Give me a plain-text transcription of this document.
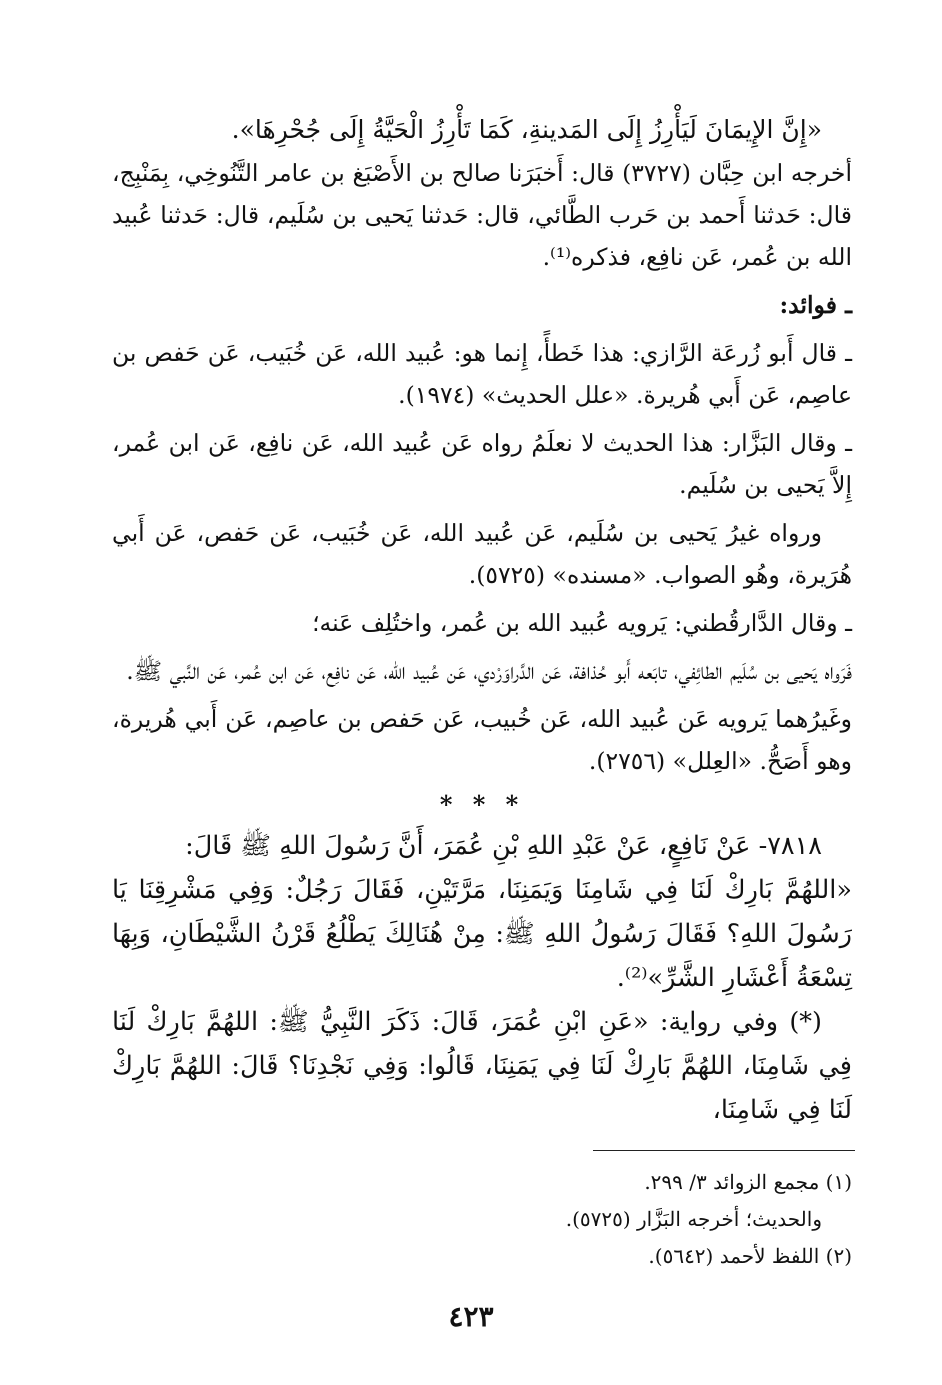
«إِنَّ الإِيمَانَ لَيَأْرِزُ إِلَى المَدينةِ، كَمَا تَأْرِزُ الْحَيَّةُ إِلَى جُحْرِهَا».

أخرجه ابن حِبَّان (٣٧٢٧) قال: أَخبَرَنا صالح بن الأَصْبَغ بن عامر التَّنُوخِي، بِمَنْبِج، قال: حَدثنا أَحمد بن حَرب الطَّائي، قال: حَدثنا يَحيى بن سُلَيم، قال: حَدثنا عُبيد الله بن عُمر، عَن نافِع، فذكره⁽¹⁾.

ـ فوائد:

ـ قال أَبو زُرعَة الرَّازي: هذا خَطأً، إِنما هو: عُبيد الله، عَن خُبَيب، عَن حَفص بن عاصِم، عَن أَبي هُريرة. «علل الحديث» (١٩٧٤).

ـ وقال البَزَّار: هذا الحديث لا نعلَمُ رواه عَن عُبيد الله، عَن نافِع، عَن ابن عُمر، إِلاَّ يَحيى بن سُلَيم.

ورواه غيرُ يَحيى بن سُلَيم، عَن عُبيد الله، عَن خُبَيب، عَن حَفص، عَن أَبي هُرَيرة، وهُو الصواب. «مسنده» (٥٧٢٥).

ـ وقال الدَّارقُطني: يَرويه عُبيد الله بن عُمر، واختُلِف عَنه؛

فَرَواه يَحيى بن سُلَيم الطائِفي، تابَعه أَبو حُذافة، عَن الدَّراوَرْدي، عَن عُبيد الله، عَن نافِع، عَن ابن عُمر، عَن النَّبي ﷺ.

وغَيرُهما يَرويه عَن عُبيد الله، عَن خُبيب، عَن حَفص بن عاصِم، عَن أَبي هُريرة، وهو أَصَحُّ. «العِلل» (٢٧٥٦).

* * *

٧٨١٨- عَنْ نَافِعٍ، عَنْ عَبْدِ اللهِ بْنِ عُمَرَ، أَنَّ رَسُولَ اللهِ ﷺ قَالَ:

«اللهُمَّ بَارِكْ لَنَا فِي شَامِنَا وَيَمَنِنَا، مَرَّتَيْنِ، فَقَالَ رَجُلٌ: وَفِي مَشْرِقِنَا يَا رَسُولَ اللهِ؟ فَقَالَ رَسُولُ اللهِ ﷺ: مِنْ هُنَالِكَ يَطْلُعُ قَرْنُ الشَّيْطَانِ، وَبِهَا تِسْعَةُ أَعْشَارِ الشَّرِّ»⁽²⁾.

(*) وفي رواية: «عَنِ ابْنِ عُمَرَ، قَالَ: ذَكَرَ النَّبِيُّ ﷺ: اللهُمَّ بَارِكْ لَنَا فِي شَامِنَا، اللهُمَّ بَارِكْ لَنَا فِي يَمَنِنَا، قَالُوا: وَفِي نَجْدِنَا؟ قَالَ: اللهُمَّ بَارِكْ لَنَا فِي شَامِنَا،

(١) مجمع الزوائد ٣/ ٢٩٩.
والحديث؛ أخرجه البَزَّار (٥٧٢٥).
(٢) اللفظ لأحمد (٥٦٤٢).
٤٢٣
